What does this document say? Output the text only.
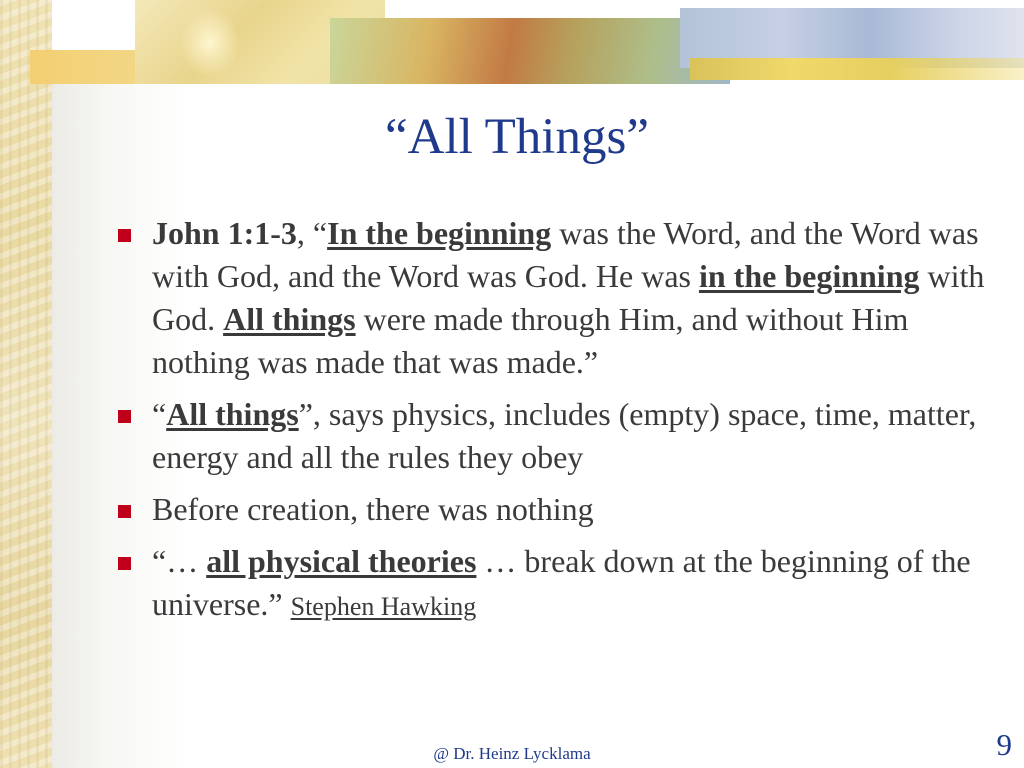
“All Things”
John 1:1-3, “In the beginning was the Word, and the Word was with God, and the Word was God. He was in the beginning with God. All things were made through Him, and without Him nothing was made that was made.”
“All things”, says physics, includes (empty) space, time, matter, energy and all the rules they obey
Before creation, there was nothing
“… all physical theories … break down at the beginning of the universe.” Stephen Hawking
@ Dr. Heinz Lycklama	9
